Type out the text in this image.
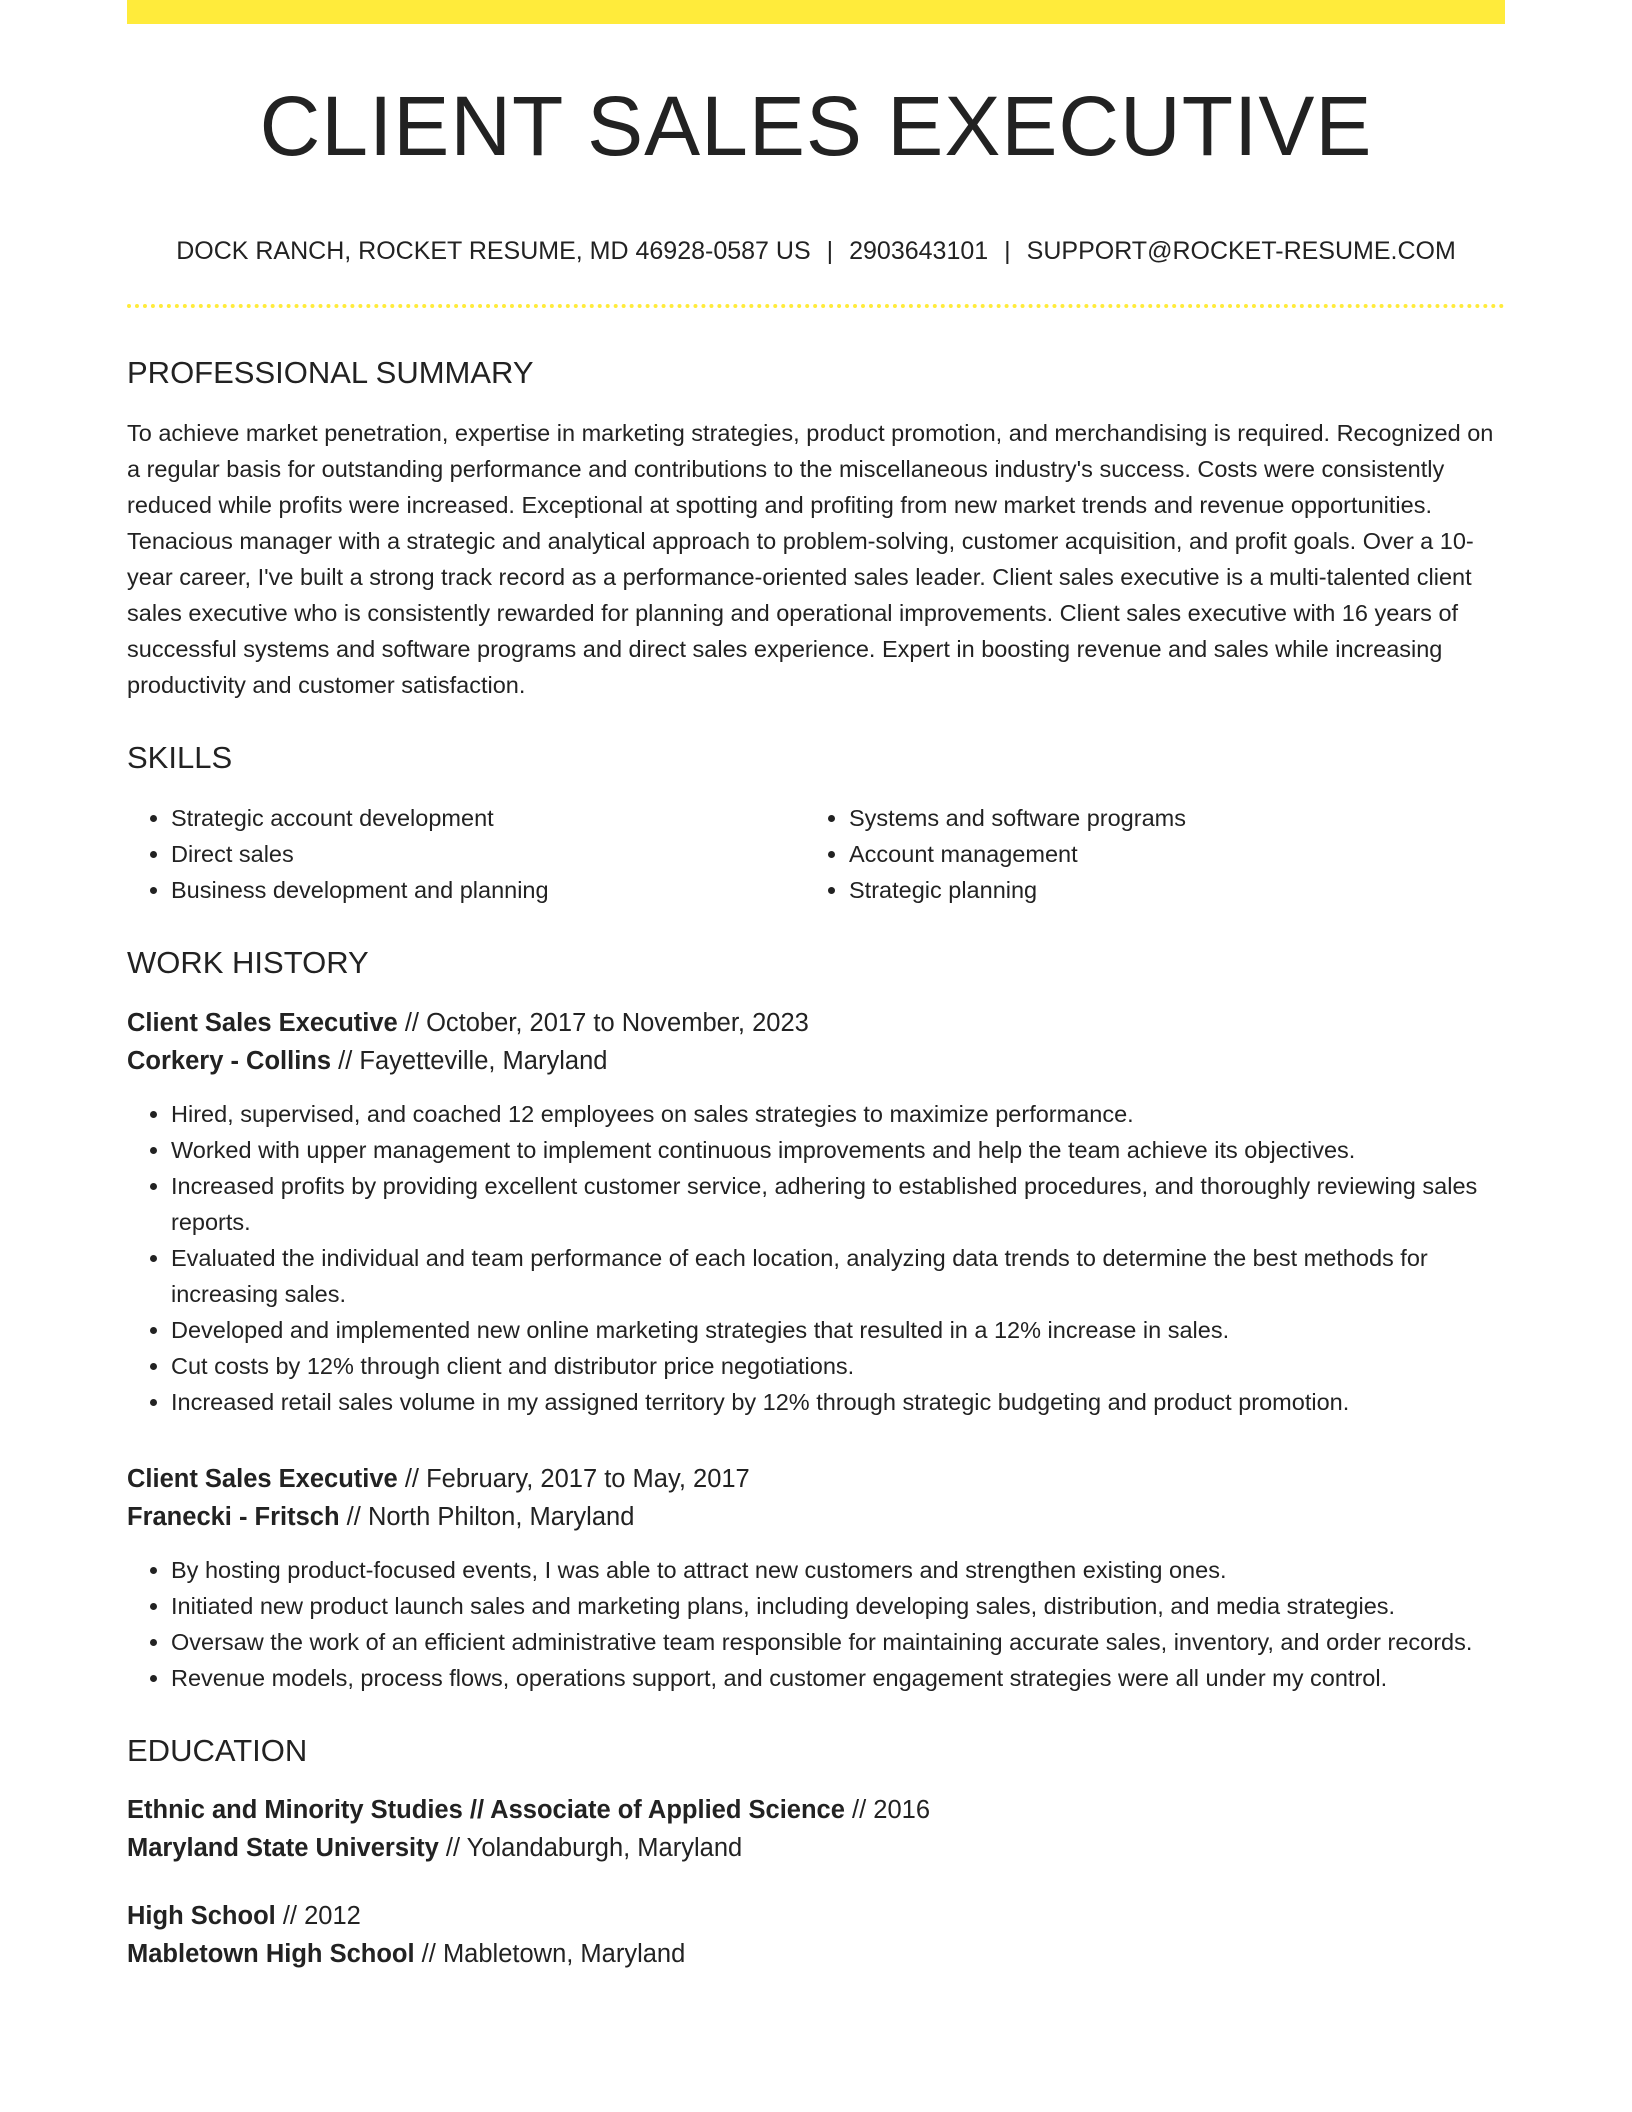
CLIENT SALES EXECUTIVE
DOCK RANCH, ROCKET RESUME, MD 46928-0587 US | 2903643101 | SUPPORT@ROCKET-RESUME.COM
PROFESSIONAL SUMMARY
To achieve market penetration, expertise in marketing strategies, product promotion, and merchandising is required. Recognized on a regular basis for outstanding performance and contributions to the miscellaneous industry's success. Costs were consistently reduced while profits were increased. Exceptional at spotting and profiting from new market trends and revenue opportunities. Tenacious manager with a strategic and analytical approach to problem-solving, customer acquisition, and profit goals. Over a 10-year career, I've built a strong track record as a performance-oriented sales leader. Client sales executive is a multi-talented client sales executive who is consistently rewarded for planning and operational improvements. Client sales executive with 16 years of successful systems and software programs and direct sales experience. Expert in boosting revenue and sales while increasing productivity and customer satisfaction.
SKILLS
• Strategic account development
• Direct sales
• Business development and planning
• Systems and software programs
• Account management
• Strategic planning
WORK HISTORY
Client Sales Executive // October, 2017 to November, 2023
Corkery - Collins // Fayetteville, Maryland
• Hired, supervised, and coached 12 employees on sales strategies to maximize performance.
• Worked with upper management to implement continuous improvements and help the team achieve its objectives.
• Increased profits by providing excellent customer service, adhering to established procedures, and thoroughly reviewing sales reports.
• Evaluated the individual and team performance of each location, analyzing data trends to determine the best methods for increasing sales.
• Developed and implemented new online marketing strategies that resulted in a 12% increase in sales.
• Cut costs by 12% through client and distributor price negotiations.
• Increased retail sales volume in my assigned territory by 12% through strategic budgeting and product promotion.
Client Sales Executive // February, 2017 to May, 2017
Franecki - Fritsch // North Philton, Maryland
• By hosting product-focused events, I was able to attract new customers and strengthen existing ones.
• Initiated new product launch sales and marketing plans, including developing sales, distribution, and media strategies.
• Oversaw the work of an efficient administrative team responsible for maintaining accurate sales, inventory, and order records.
• Revenue models, process flows, operations support, and customer engagement strategies were all under my control.
EDUCATION
Ethnic and Minority Studies // Associate of Applied Science // 2016
Maryland State University // Yolandaburgh, Maryland
High School // 2012
Mabletown High School // Mabletown, Maryland
